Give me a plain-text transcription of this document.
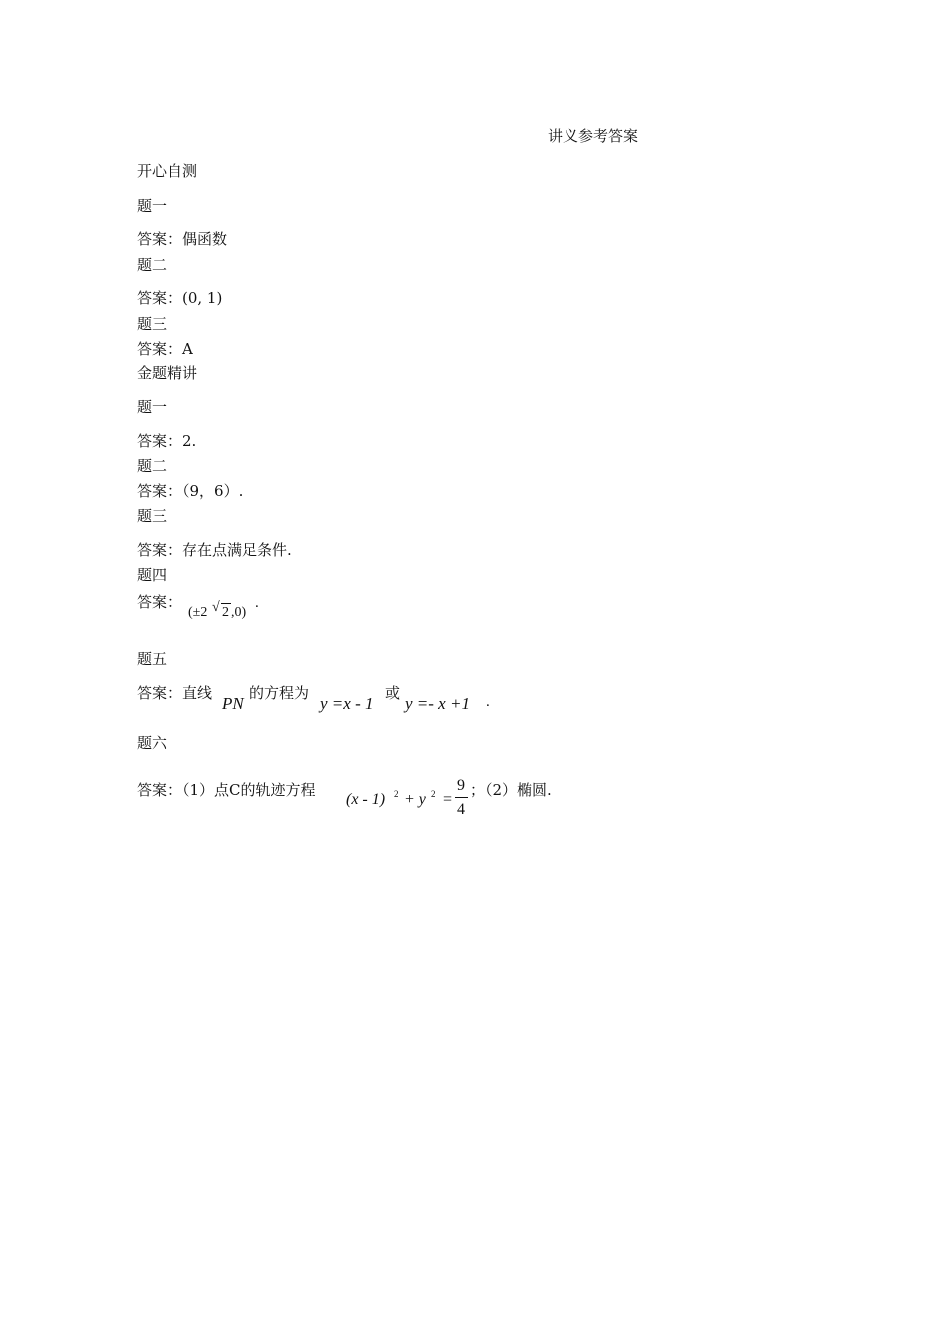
讲义参考答案
开心自测
题一
答案：偶函数
题二
答案：(0, 1)
题三
答案：A
金题精讲
题一
答案：2.
题二
答案：（9，6）.
题三
答案：存在点满足条件.
题四
答案：
(±2 √ 2 ,0)
.
题五
答案：直线
PN
的方程为
y =x - 1
或
y =- x +1 .
题六
答案：（1）点C的轨迹方程
(x - 1) 2 + y 2 =
9
4
；（2）椭圆.
